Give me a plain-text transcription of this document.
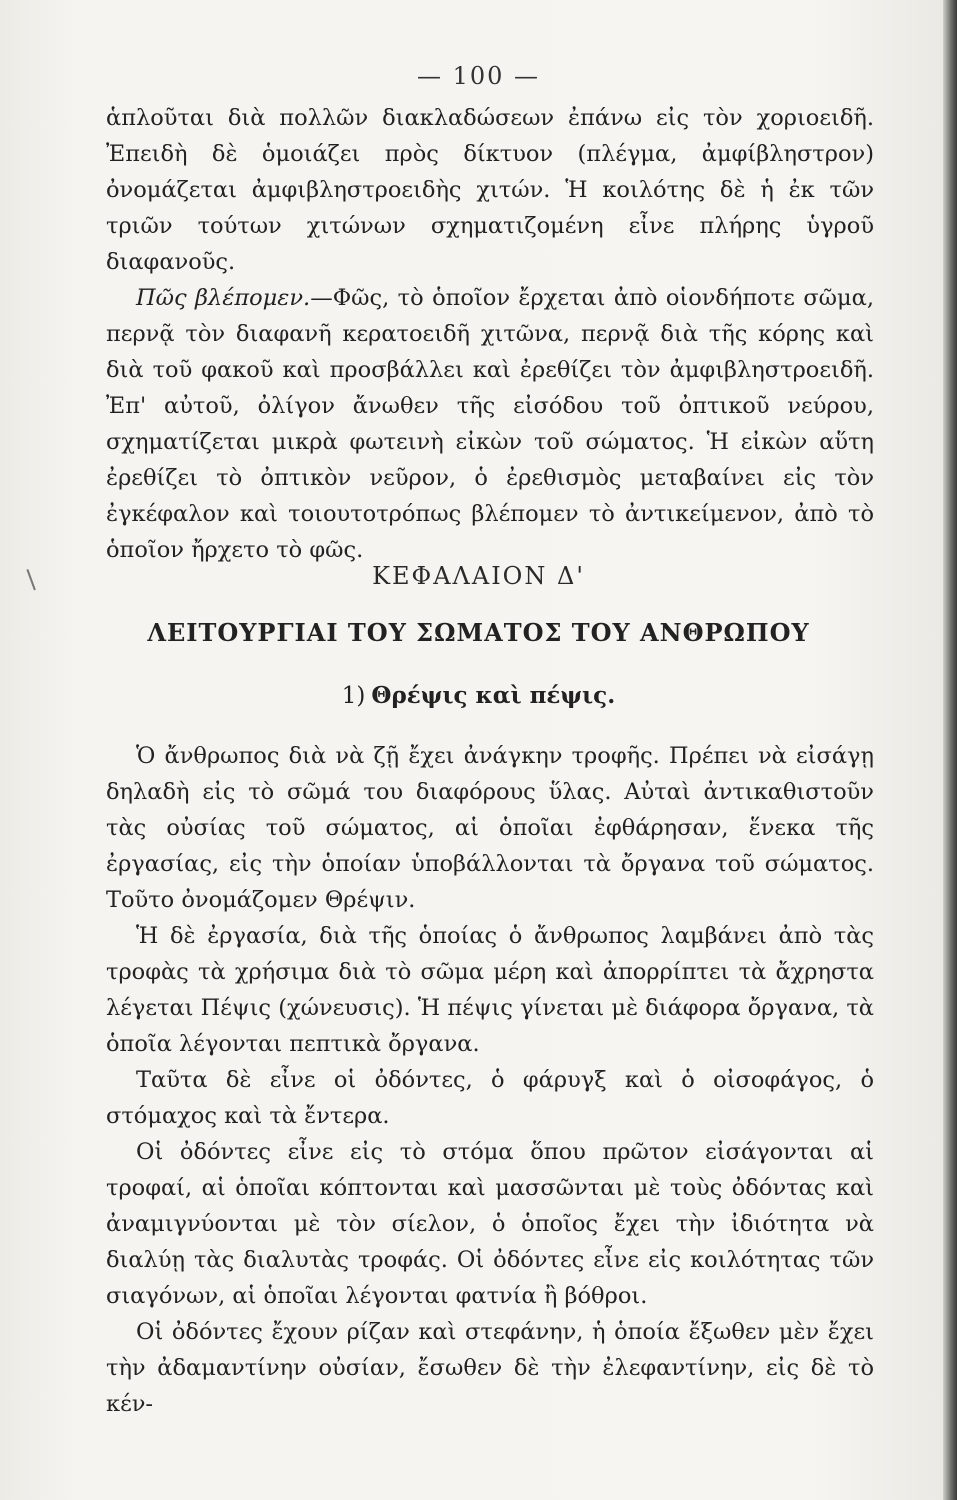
— 100 —

ἁπλοῦται διὰ πολλῶν διακλαδώσεων ἐπάνω εἰς τὸν χοριοειδῆ. Ἐπειδὴ δὲ ὁμοιάζει πρὸς δίκτυον (πλέγμα, ἀμφίβληστρον) ὀνομάζεται ἀμφιβληστροειδὴς χιτών. Ἡ κοιλότης δὲ ἡ ἐκ τῶν τριῶν τούτων χιτώνων σχηματιζομένη εἶνε πλήρης ὑγροῦ διαφανοῦς.

Πῶς βλέπομεν.—Φῶς, τὸ ὁποῖον ἔρχεται ἀπὸ οἱονδήποτε σῶμα, περνᾷ τὸν διαφανῆ κερατοειδῆ χιτῶνα, περνᾷ διὰ τῆς κόρης καὶ διὰ τοῦ φακοῦ καὶ προσβάλλει καὶ ἐρεθίζει τὸν ἀμφιβληστροειδῆ. Ἐπ' αὐτοῦ, ὀλίγον ἄνωθεν τῆς εἰσόδου τοῦ ὀπτικοῦ νεύρου, σχηματίζεται μικρὰ φωτεινὴ εἰκὼν τοῦ σώματος. Ἡ εἰκὼν αὕτη ἐρεθίζει τὸ ὀπτικὸν νεῦρον, ὁ ἐρεθισμὸς μεταβαίνει εἰς τὸν ἐγκέφαλον καὶ τοιουτοτρόπως βλέπομεν τὸ ἀντικείμενον, ἀπὸ τὸ ὁποῖον ἤρχετο τὸ φῶς.

ΚΕΦΑΛΑΙΟΝ Δ'
ΛΕΙΤΟΥΡΓΙΑΙ ΤΟΥ ΣΩΜΑΤΟΣ ΤΟΥ ΑΝΘΡΩΠΟΥ
1) Θρέψις καὶ πέψις.

Ὁ ἄνθρωπος διὰ νὰ ζῇ ἔχει ἀνάγκην τροφῆς. Πρέπει νὰ εἰσάγῃ δηλαδὴ εἰς τὸ σῶμά του διαφόρους ὕλας. Αὐταὶ ἀντικαθιστοῦν τὰς οὐσίας τοῦ σώματος, αἱ ὁποῖαι ἐφθάρησαν, ἕνεκα τῆς ἐργασίας, εἰς τὴν ὁποίαν ὑποβάλλονται τὰ ὄργανα τοῦ σώματος. Τοῦτο ὀνομάζομεν Θρέψιν.

Ἡ δὲ ἐργασία, διὰ τῆς ὁποίας ὁ ἄνθρωπος λαμβάνει ἀπὸ τὰς τροφὰς τὰ χρήσιμα διὰ τὸ σῶμα μέρη καὶ ἀπορρίπτει τὰ ἄχρηστα λέγεται Πέψις (χώνευσις). Ἡ πέψις γίνεται μὲ διάφορα ὄργανα, τὰ ὁποῖα λέγονται πεπτικὰ ὄργανα.

Ταῦτα δὲ εἶνε οἱ ὀδόντες, ὁ φάρυγξ καὶ ὁ οἰσοφάγος, ὁ στόμαχος καὶ τὰ ἔντερα.

Οἱ ὀδόντες εἶνε εἰς τὸ στόμα ὅπου πρῶτον εἰσάγονται αἱ τροφαί, αἱ ὁποῖαι κόπτονται καὶ μασσῶνται μὲ τοὺς ὀδόντας καὶ ἀναμιγνύονται μὲ τὸν σίελον, ὁ ὁποῖος ἔχει τὴν ἰδιότητα νὰ διαλύῃ τὰς διαλυτὰς τροφάς. Οἱ ὀδόντες εἶνε εἰς κοιλότητας τῶν σιαγόνων, αἱ ὁποῖαι λέγονται φατνία ἢ βόθροι.

Οἱ ὀδόντες ἔχουν ρίζαν καὶ στεφάνην, ἡ ὁποία ἔξωθεν μὲν ἔχει τὴν ἀδαμαντίνην οὐσίαν, ἔσωθεν δὲ τὴν ἐλεφαντίνην, εἰς δὲ τὸ κέν-
